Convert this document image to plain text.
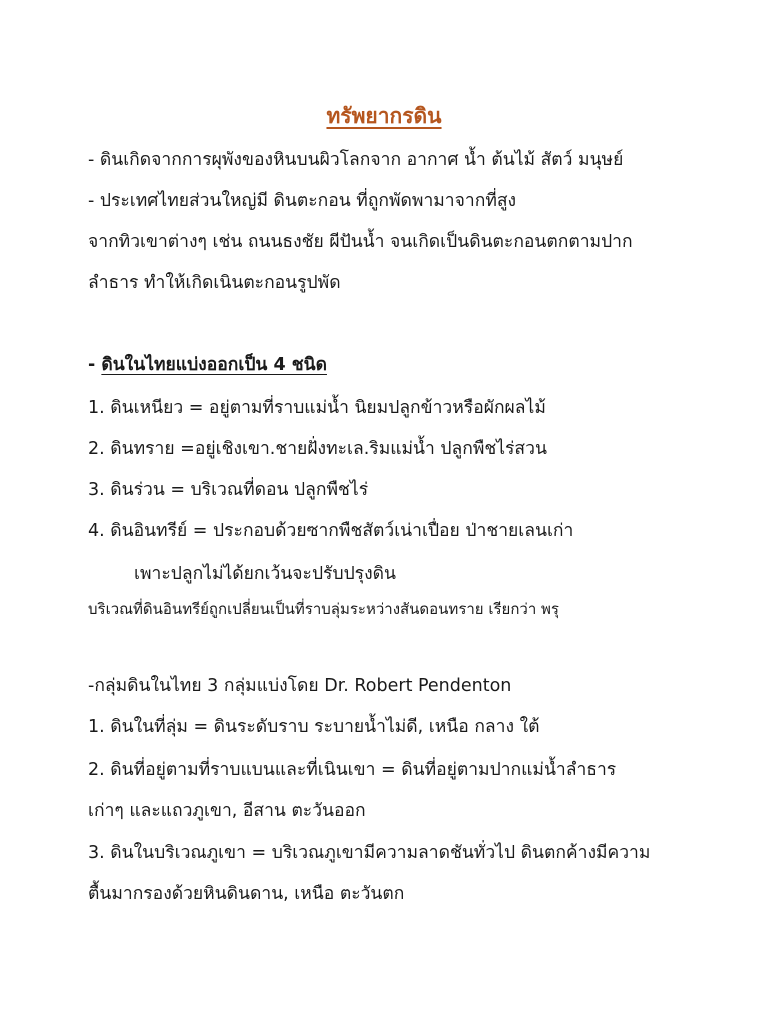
ทรัพยากรดิน
- ดินเกิดจากการผุพังของหินบนผิวโลกจาก อากาศ น้ำ ต้นไม้ สัตว์ มนุษย์
- ประเทศไทยส่วนใหญ่มี ดินตะกอน ที่ถูกพัดพามาจากที่สูง
จากทิวเขาต่างๆ เช่น ถนนธงชัย ผีปันน้ำ จนเกิดเป็นดินตะกอนตกตามปาก
ลำธาร ทำให้เกิดเนินตะกอนรูปพัด
- ดินในไทยแบ่งออกเป็น 4 ชนิด
1. ดินเหนียว = อยู่ตามที่ราบแม่น้ำ นิยมปลูกข้าวหรือผักผลไม้
2. ดินทราย =อยู่เชิงเขา.ชายฝั่งทะเล.ริมแม่น้ำ ปลูกพืชไร่สวน
3. ดินร่วน = บริเวณที่ดอน ปลูกพืชไร่
4. ดินอินทรีย์ = ประกอบด้วยซากพืชสัตว์เน่าเปื่อย ป่าชายเลนเก่า
เพาะปลูกไม่ได้ยกเว้นจะปรับปรุงดิน
บริเวณที่ดินอินทรีย์ถูกเปลี่ยนเป็นที่ราบลุ่มระหว่างสันดอนทราย เรียกว่า พรุ
-กลุ่มดินในไทย 3 กลุ่มแบ่งโดย Dr. Robert Pendenton
1. ดินในที่ลุ่ม = ดินระดับราบ ระบายน้ำไม่ดี, เหนือ กลาง ใต้
2. ดินที่อยู่ตามที่ราบแบนและที่เนินเขา = ดินที่อยู่ตามปากแม่น้ำลำธาร
เก่าๆ และแถวภูเขา, อีสาน ตะวันออก
3. ดินในบริเวณภูเขา = บริเวณภูเขามีความลาดชันทั่วไป ดินตกค้างมีความ
ตื้นมากรองด้วยหินดินดาน, เหนือ ตะวันตก
